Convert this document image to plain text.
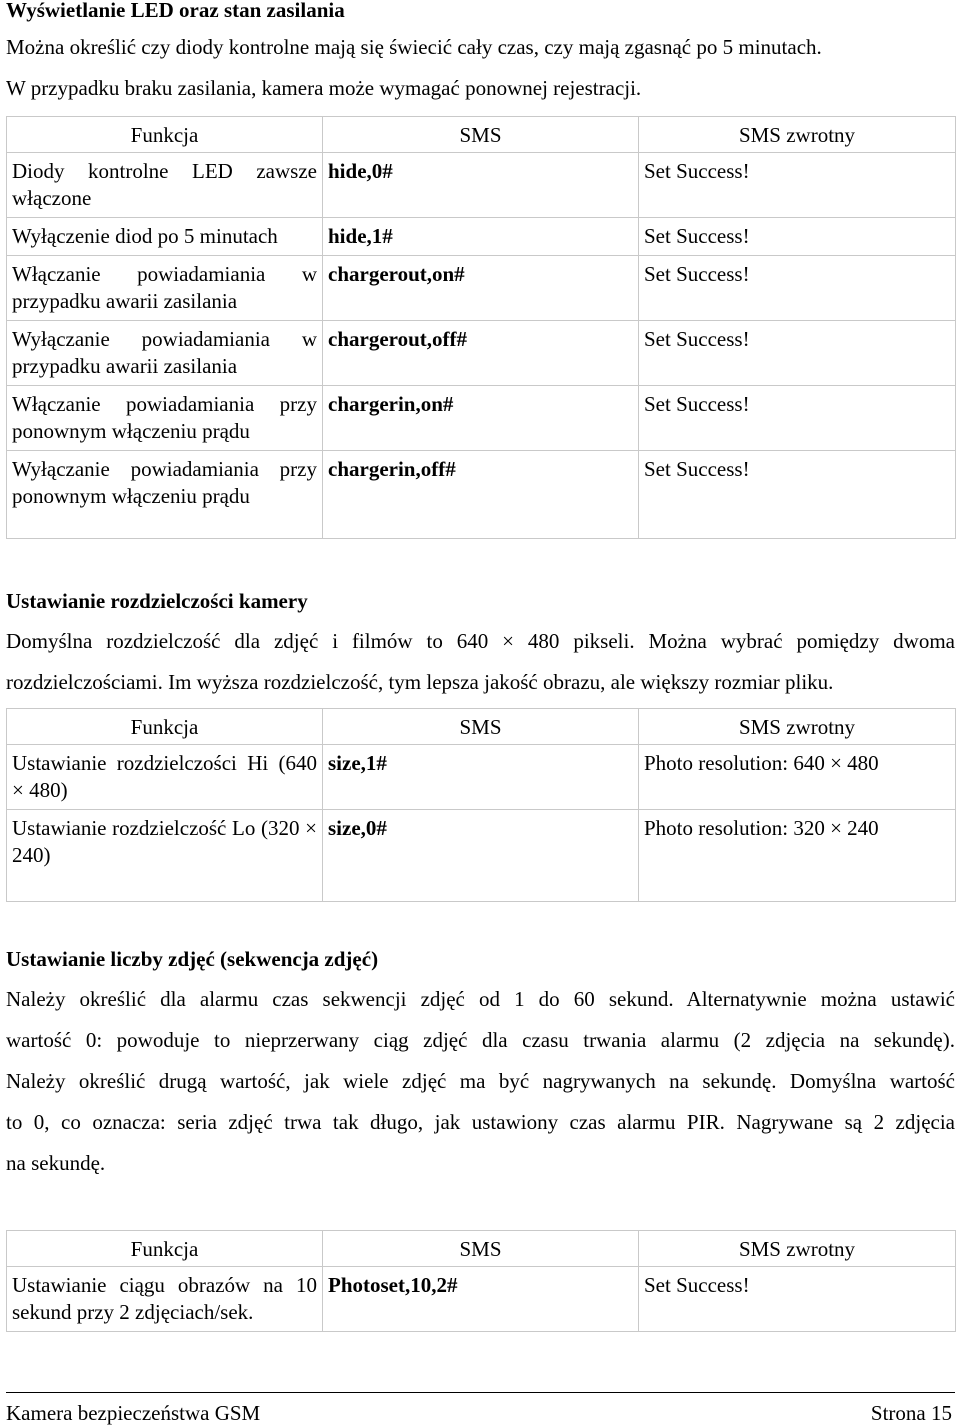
Wyświetlanie LED oraz stan zasilania

Można określić czy diody kontrolne mają się świecić cały czas, czy mają zgasnąć po 5 minutach.

W przypadku braku zasilania, kamera może wymagać ponownej rejestracji.

Funkcja	SMS	SMS zwrotny

Diody kontrolne LED zawsze włączone	hide,0#	Set Success!

Wyłączenie diod po 5 minutach	hide,1#	Set Success!

Włączanie powiadamiania w przypadku awarii zasilania	chargerout,on#	Set Success!

Wyłączanie powiadamiania w przypadku awarii zasilania	chargerout,off#	Set Success!

Włączanie powiadamiania przy ponownym włączeniu prądu	chargerin,on#	Set Success!

Wyłączanie powiadamiania przy ponownym włączeniu prądu	chargerin,off#	Set Success!
Ustawianie rozdzielczości kamery

Domyślna rozdzielczość dla zdjęć i filmów to 640 × 480 pikseli. Można wybrać pomiędzy dwoma

rozdzielczościami. Im wyższa rozdzielczość, tym lepsza jakość obrazu, ale większy rozmiar pliku.

Funkcja	SMS	SMS zwrotny

Ustawianie rozdzielczości Hi (640 × 480)	size,1#	Photo resolution: 640 × 480

Ustawianie rozdzielczość Lo (320 × 240)	size,0#	Photo resolution: 320 × 240
Ustawianie liczby zdjęć (sekwencja zdjęć)

Należy określić dla alarmu czas sekwencji zdjęć od 1 do 60 sekund. Alternatywnie można ustawić

wartość 0: powoduje to nieprzerwany ciąg zdjęć dla czasu trwania alarmu (2 zdjęcia na sekundę).

Należy określić drugą wartość, jak wiele zdjęć ma być nagrywanych na sekundę. Domyślna wartość

to 0, co oznacza: seria zdjęć trwa tak długo, jak ustawiony czas alarmu PIR. Nagrywane są 2 zdjęcia

na sekundę.

Funkcja	SMS	SMS zwrotny

Ustawianie ciągu obrazów na 10 sekund przy 2 zdjęciach/sek.	Photoset,10,2#	Set Success!
Kamera bezpieczeństwa GSM	Strona 15
